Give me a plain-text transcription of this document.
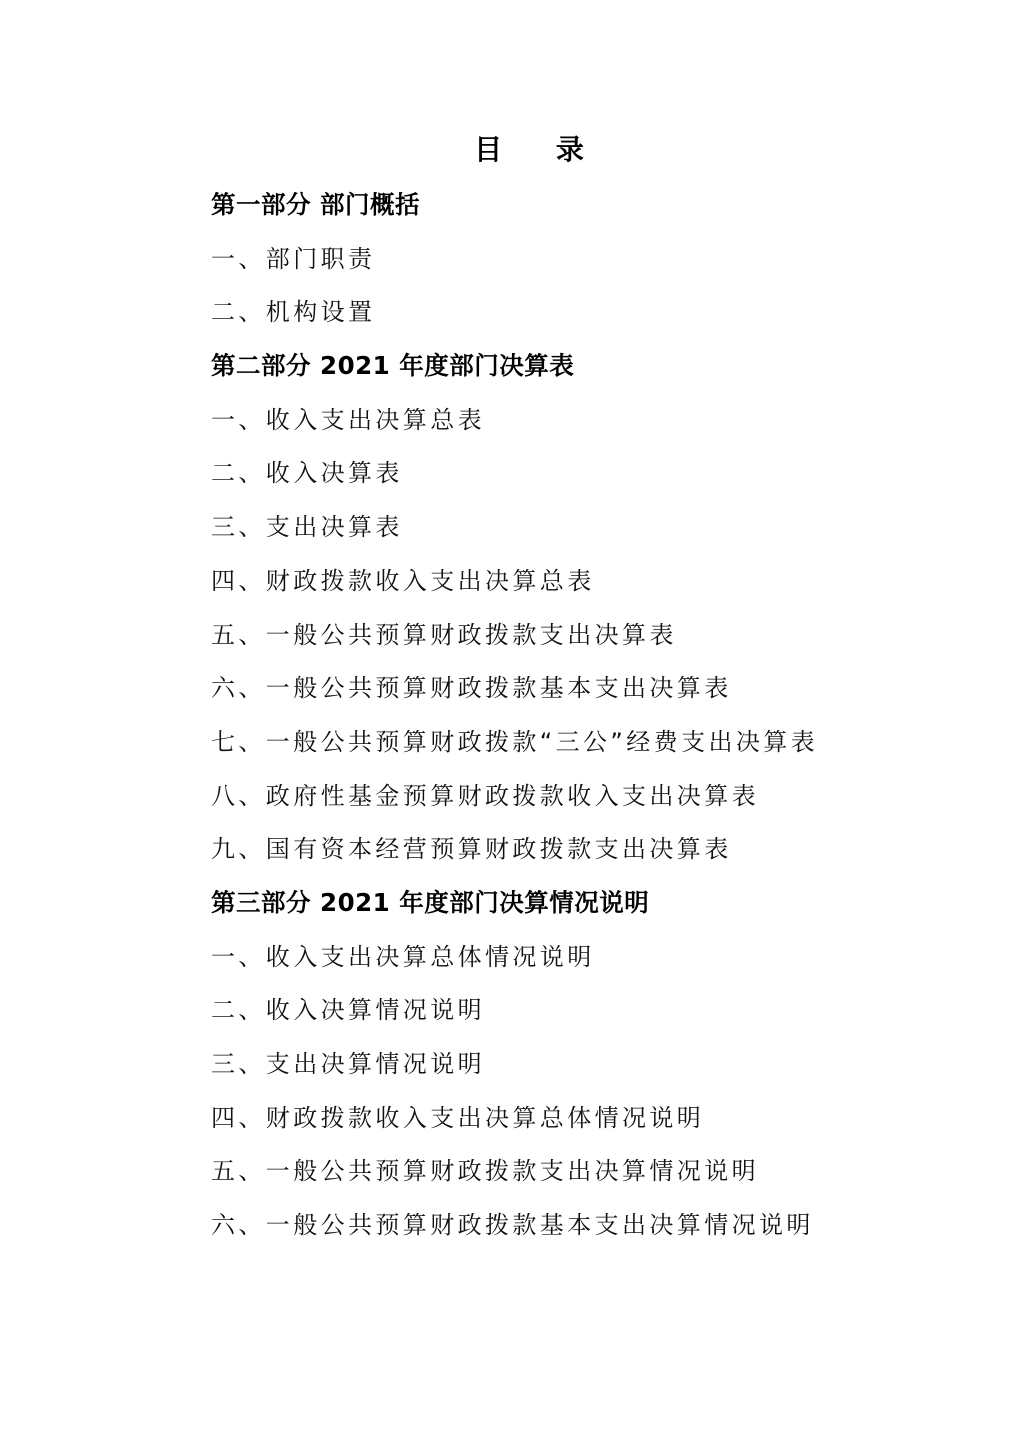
目 录
第一部分 部门概括
一、部门职责
二、机构设置
第二部分 2021 年度部门决算表
一、收入支出决算总表
二、收入决算表
三、支出决算表
四、财政拨款收入支出决算总表
五、一般公共预算财政拨款支出决算表
六、一般公共预算财政拨款基本支出决算表
七、一般公共预算财政拨款“三公”经费支出决算表
八、政府性基金预算财政拨款收入支出决算表
九、国有资本经营预算财政拨款支出决算表
第三部分 2021 年度部门决算情况说明
一、收入支出决算总体情况说明
二、收入决算情况说明
三、支出决算情况说明
四、财政拨款收入支出决算总体情况说明
五、一般公共预算财政拨款支出决算情况说明
六、一般公共预算财政拨款基本支出决算情况说明
